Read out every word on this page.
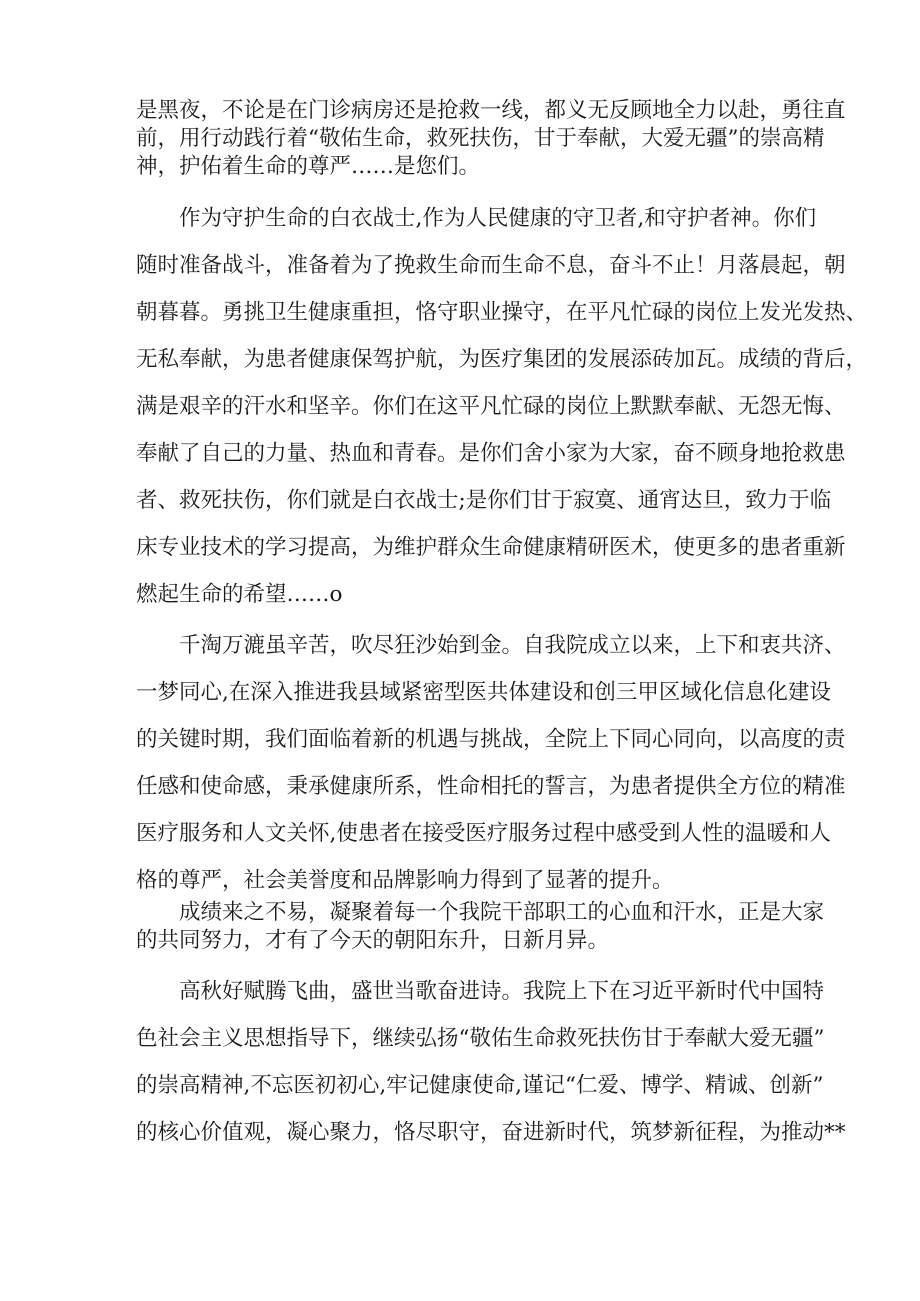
是黑夜，不论是在门诊病房还是抢救一线，都义无反顾地全力以赴，勇往直
前，用行动践行着“敬佑生命，救死扶伤，甘于奉献，大爱无疆”的崇高精
神，护佑着生命的尊严……是您们。
　　作为守护生命的白衣战士,作为人民健康的守卫者,和守护者神。你们
随时准备战斗，准备着为了挽救生命而生命不息，奋斗不止！月落晨起，朝
朝暮暮。勇挑卫生健康重担，恪守职业操守，在平凡忙碌的岗位上发光发热、
无私奉献，为患者健康保驾护航，为医疗集团的发展添砖加瓦。成绩的背后，
满是艰辛的汗水和坚辛。你们在这平凡忙碌的岗位上默默奉献、无怨无悔、
奉献了自己的力量、热血和青春。是你们舍小家为大家，奋不顾身地抢救患
者、救死扶伤，你们就是白衣战士;是你们甘于寂寞、通宵达旦，致力于临
床专业技术的学习提高，为维护群众生命健康精研医术，使更多的患者重新
燃起生命的希望……o
　　千淘万漉虽辛苦，吹尽狂沙始到金。自我院成立以来，上下和衷共济、
一梦同心,在深入推进我县域紧密型医共体建设和创三甲区域化信息化建设
的关键时期，我们面临着新的机遇与挑战，全院上下同心同向，以高度的责
任感和使命感，秉承健康所系，性命相托的誓言，为患者提供全方位的精准
医疗服务和人文关怀,使患者在接受医疗服务过程中感受到人性的温暖和人
格的尊严，社会美誉度和品牌影响力得到了显著的提升。
　　成绩来之不易，凝聚着每一个我院干部职工的心血和汗水，正是大家
的共同努力，才有了今天的朝阳东升，日新月异。
　　高秋好赋腾飞曲，盛世当歌奋进诗。我院上下在习近平新时代中国特
色社会主义思想指导下，继续弘扬“敬佑生命救死扶伤甘于奉献大爱无疆”
的崇高精神,不忘医初初心,牢记健康使命,谨记“仁爱、博学、精诚、创新”
的核心价值观，凝心聚力，恪尽职守，奋进新时代，筑梦新征程，为推动**
